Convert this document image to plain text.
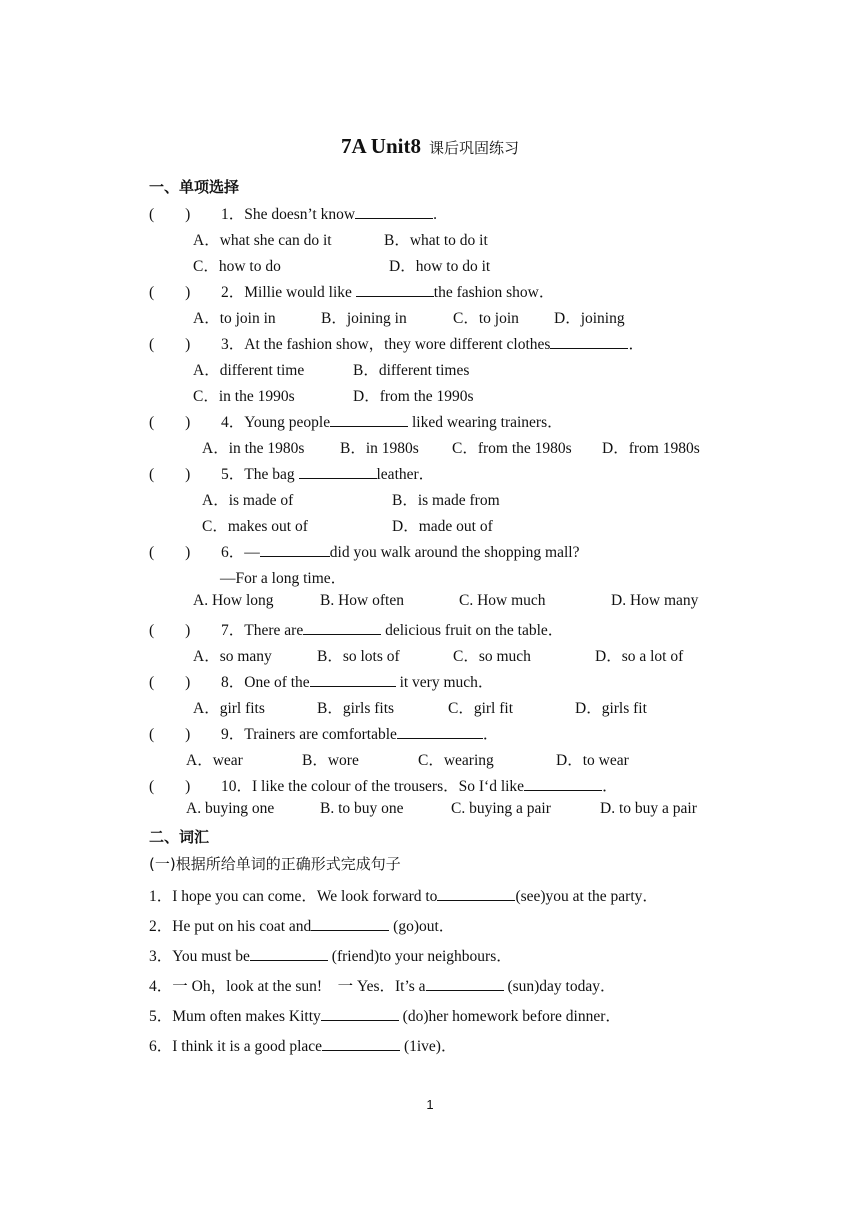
7A Unit8 课后巩固练习
一、单项选择
(        ) 1．She doesn’t know	.
A．what she can do it	B．what to do it
C．how to do	D．how to do it
(        ) 2．Millie would like	the fashion show．
A．to join in	B．joining in	C．to join D．joining
(        ) 3．At the fashion show，they wore different clothes	．
A．different time	B．different times
C．in the 1990s	D．from the 1990s
(        ) 4．Young people	liked wearing trainers．
A．in the 1980s B．in 1980s C．from the 1980s D．from 1980s
(        ) 5．The bag	leather．
A．is made of	B．is made from
C．makes out of	D．made out of
(        ) 6．—	did you walk around the shopping mall?
—For a long time．
A. How long	B. How often	C. How much	D. How many
(        ) 7．There are	delicious fruit on the table．
A．so many	B．so lots of	C．so much	D．so a lot of
(        ) 8．One of the	it very much．
A．girl fits	B．girls fits	C．girl fit	D．girls fit
(        ) 9．Trainers are comfortable	．
A．wear	B．wore	C．wearing	D．to wear
(        ) 10．I like the colour of the trousers．So I‘d like	．
A. buying one	B. to buy one	C. buying a pair	D. to buy a pair
二、词汇
(一)根据所给单词的正确形式完成句子
1．I hope you can come．We look forward to	(see)you at the party．
2．He put on his coat and	(go)out．
3．You must be	(friend)to your neighbours．
4．一 Oh，look at the sun!　一 Yes．It’s a	(sun)day today．
5．Mum often makes Kitty	(do)her homework before dinner．
6．I think it is a good place	(1ive)．
1
